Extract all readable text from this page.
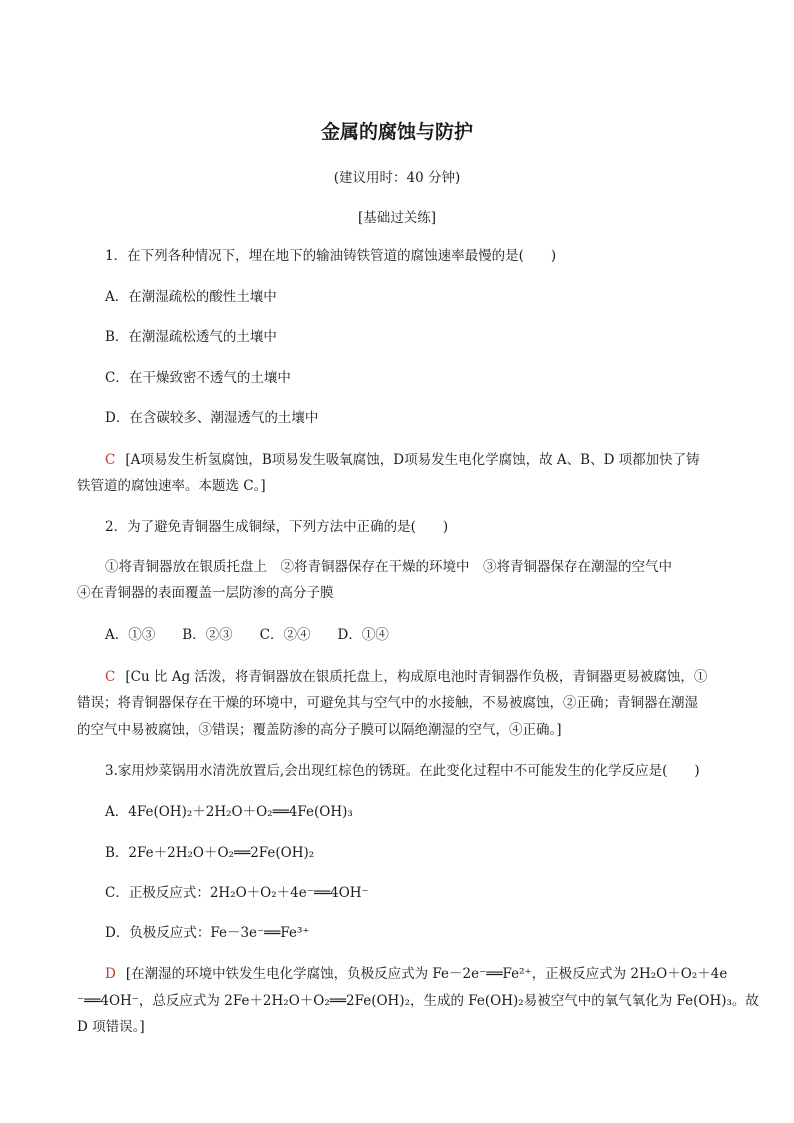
金属的腐蚀与防护
(建议用时：40 分钟)
[基础过关练]
1．在下列各种情况下，埋在地下的输油铸铁管道的腐蚀速率最慢的是(　　)
A．在潮湿疏松的酸性土壤中
B．在潮湿疏松透气的土壤中
C．在干燥致密不透气的土壤中
D．在含碳较多、潮湿透气的土壤中
C [A项易发生析氢腐蚀，B项易发生吸氧腐蚀，D项易发生电化学腐蚀，故 A、B、D 项都加快了铸
铁管道的腐蚀速率。本题选 C。]
2．为了避免青铜器生成铜绿，下列方法中正确的是(　　)
①将青铜器放在银质托盘上　②将青铜器保存在干燥的环境中　③将青铜器保存在潮湿的空气中
④在青铜器的表面覆盖一层防渗的高分子膜
A．①③　　B．②③　　C．②④　　D．①④
C [Cu 比 Ag 活泼，将青铜器放在银质托盘上，构成原电池时青铜器作负极，青铜器更易被腐蚀，①
错误；将青铜器保存在干燥的环境中，可避免其与空气中的水接触，不易被腐蚀，②正确；青铜器在潮湿
的空气中易被腐蚀，③错误；覆盖防渗的高分子膜可以隔绝潮湿的空气，④正确。]
3.家用炒菜锅用水清洗放置后,会出现红棕色的锈斑。在此变化过程中不可能发生的化学反应是(　　)
A．4Fe(OH)₂＋2H₂O＋O₂══4Fe(OH)₃
B．2Fe＋2H₂O＋O₂══2Fe(OH)₂
C．正极反应式：2H₂O＋O₂＋4e⁻══4OH⁻
D．负极反应式：Fe－3e⁻══Fe³⁺
D [在潮湿的环境中铁发生电化学腐蚀，负极反应式为 Fe－2e⁻══Fe²⁺，正极反应式为 2H₂O＋O₂＋4e
⁻══4OH⁻，总反应式为 2Fe＋2H₂O＋O₂══2Fe(OH)₂，生成的 Fe(OH)₂易被空气中的氧气氧化为 Fe(OH)₃。故
D 项错误。]
